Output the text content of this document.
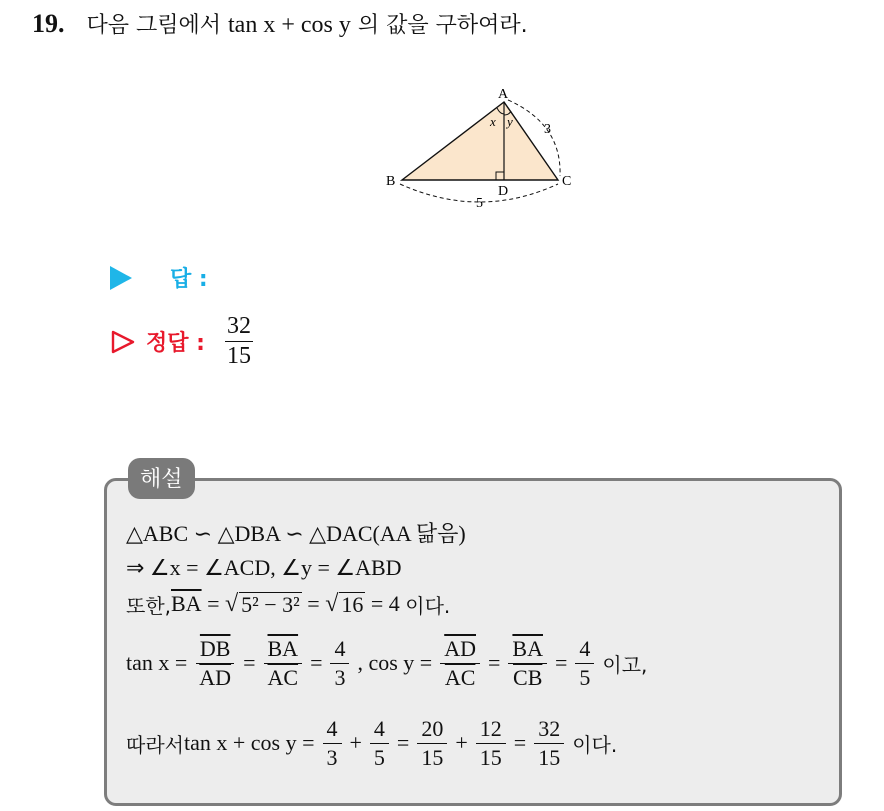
19. 다음 그림에서 tan x + cos y 의 값을 구하여라.
A
B	C
D
x y
3
5
답 :
정답 : $\frac{32}{15}$
해설
△ABC ∽ △DBA ∽ △DAC(AA 닮음)
⇒ ∠x = ∠ACD, ∠y = ∠ABD
또한, $\overline{BA}$ = √ 5² − 3² = √ 16 = 4 이다.
$\tan x = \frac{\overline{DB}}{AD} = \frac{\overline{BA}}{AC} = \frac{4}{3}$ , $\cos y = \frac{\overline{AD}}{AC} = \frac{\overline{BA}}{CB} = \frac{4}{5}$ 이고,
따라서 $\tan x + \cos y = \frac{4}{3} + \frac{4}{5} = \frac{20}{15} + \frac{12}{15} = \frac{32}{15}$ 이다.
